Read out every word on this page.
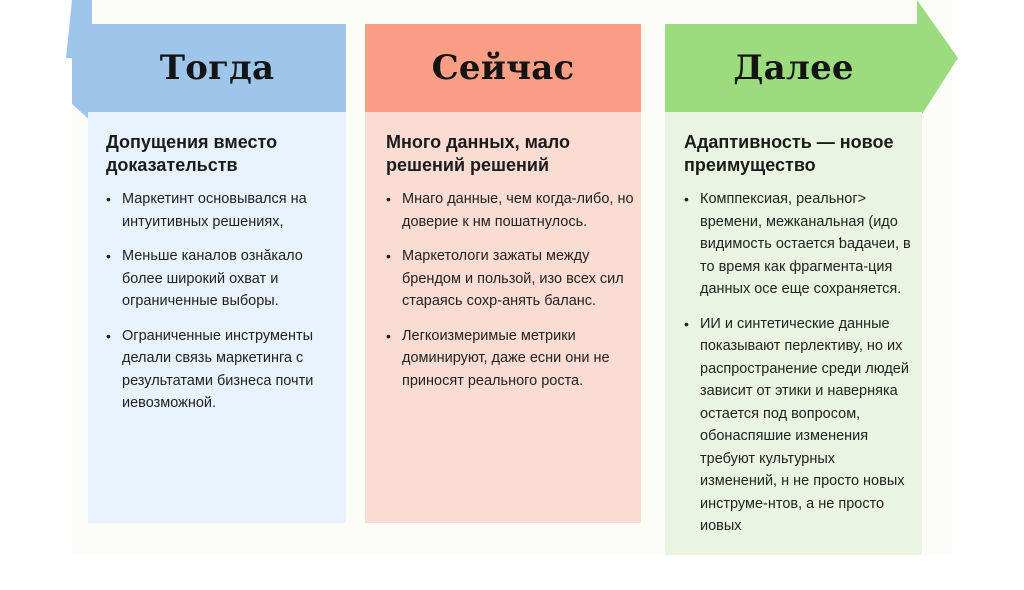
Тогда	Сейчас	Далее
Допущения вместо доказательств
• Маркетинт основывался на интуитивных решениях,
• Меньше каналов ознăкало более широкий охват и ограниченные выборы.
• Ограниченные инструменты делали связь маркетинга с результатами бизнеса почти иевозможной.
Много данных, мало решений решений
• Мнаго данные, чем когда-либо, но доверие к нм пошатнулось.
• Маркетологи зажаты между брендом и пользой, изо всех сил стараясь сохр-анять баланс.
• Легкоизмеримые метрики доминируют, даже есни они не приносят реального роста.
Адаптивность — новое преимущество
• Комппексиая, реальног˃ времени, межканальная (идо видимость остается ƅадачеи, в то время как фрагмента-ция данных осе еще сохраняется.
• ИИ и синтетические данные показывают перлективу, но их распространение среди людей зависит от этики и наверняка остается под вопросом, обонаспяшие изменения требуют культурных изменений, н не просто новых инструме-нтов, а не просто иовых
